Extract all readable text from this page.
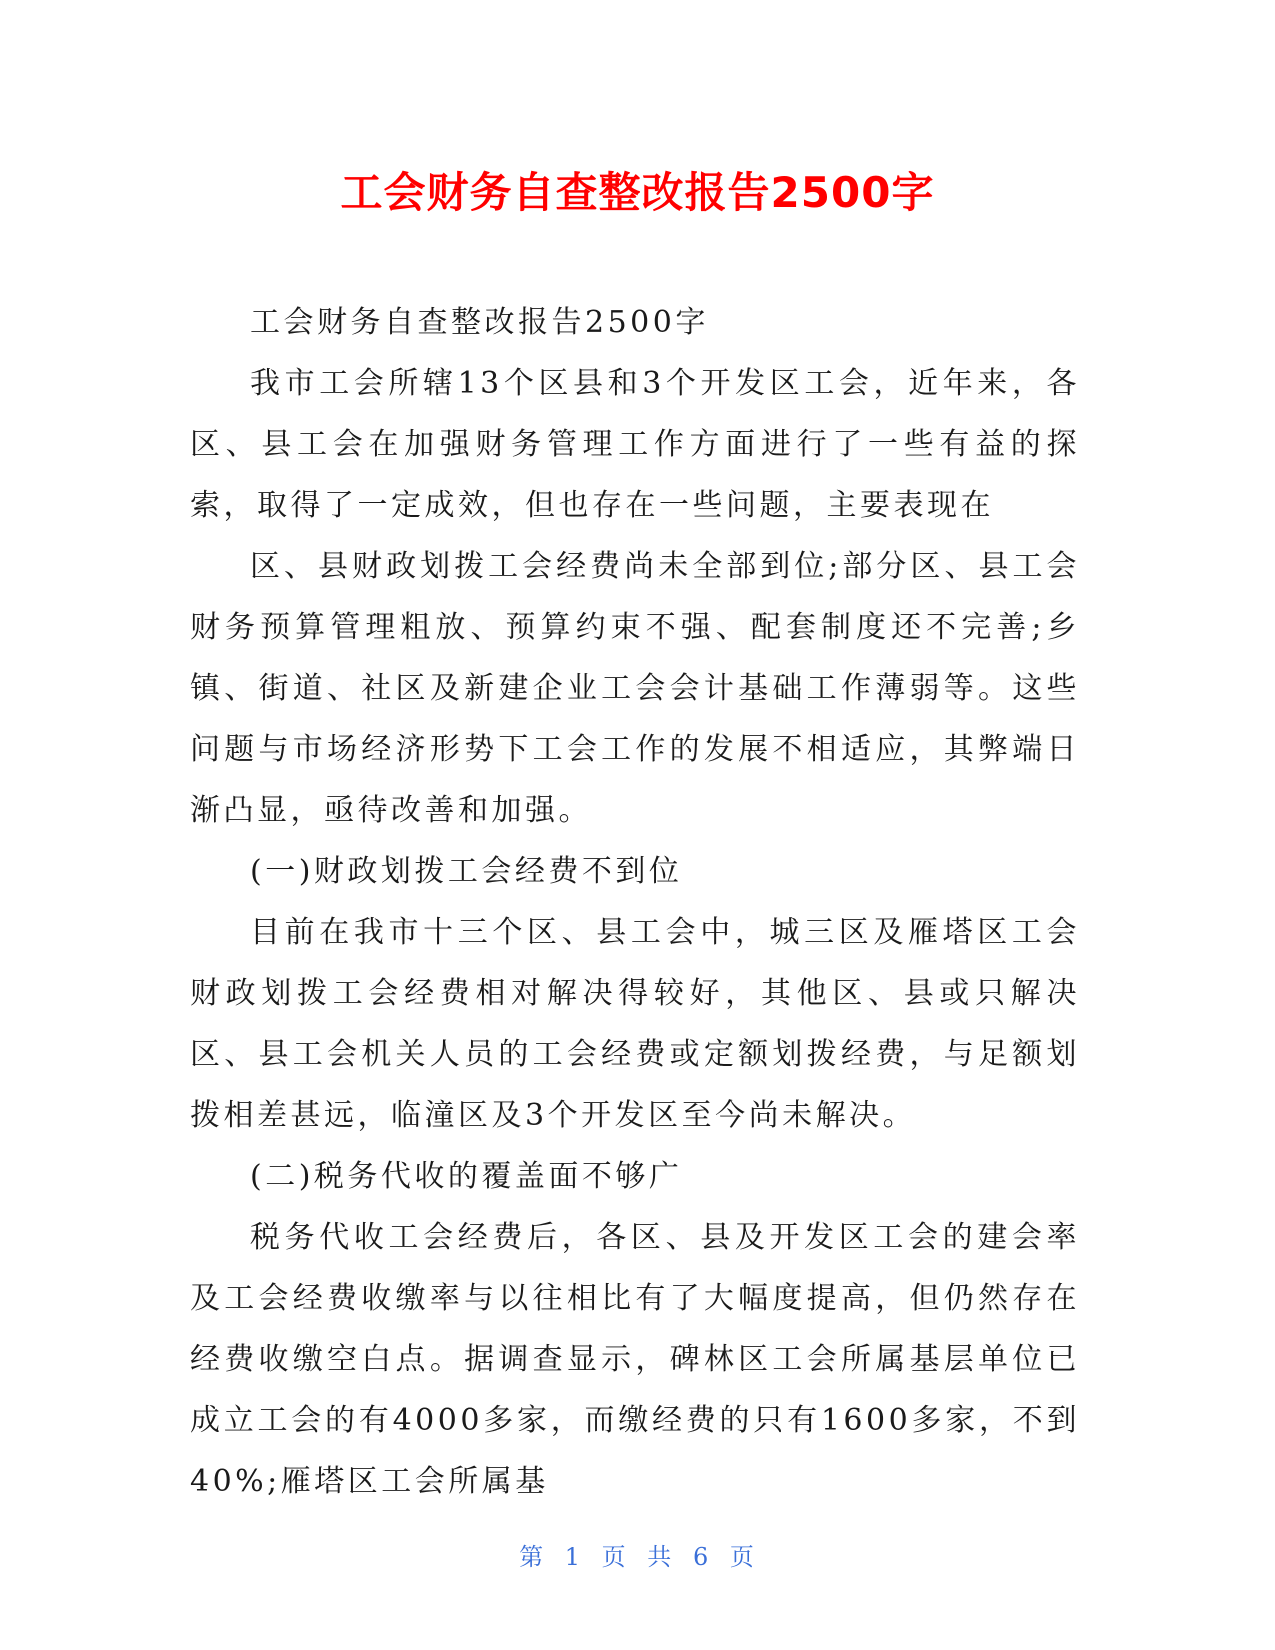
工会财务自查整改报告2500字

工会财务自查整改报告2500字

我市工会所辖13个区县和3个开发区工会，近年来，各区、县工会在加强财务管理工作方面进行了一些有益的探索，取得了一定成效，但也存在一些问题，主要表现在

区、县财政划拨工会经费尚未全部到位;部分区、县工会财务预算管理粗放、预算约束不强、配套制度还不完善;乡镇、街道、社区及新建企业工会会计基础工作薄弱等。这些问题与市场经济形势下工会工作的发展不相适应，其弊端日渐凸显，亟待改善和加强。

(一)财政划拨工会经费不到位

目前在我市十三个区、县工会中，城三区及雁塔区工会财政划拨工会经费相对解决得较好，其他区、县或只解决区、县工会机关人员的工会经费或定额划拨经费，与足额划拨相差甚远，临潼区及3个开发区至今尚未解决。

(二)税务代收的覆盖面不够广

税务代收工会经费后，各区、县及开发区工会的建会率及工会经费收缴率与以往相比有了大幅度提高，但仍然存在经费收缴空白点。据调查显示，碑林区工会所属基层单位已成立工会的有4000多家，而缴经费的只有1600多家，不到40%;雁塔区工会所属基

第 1 页 共 6 页
